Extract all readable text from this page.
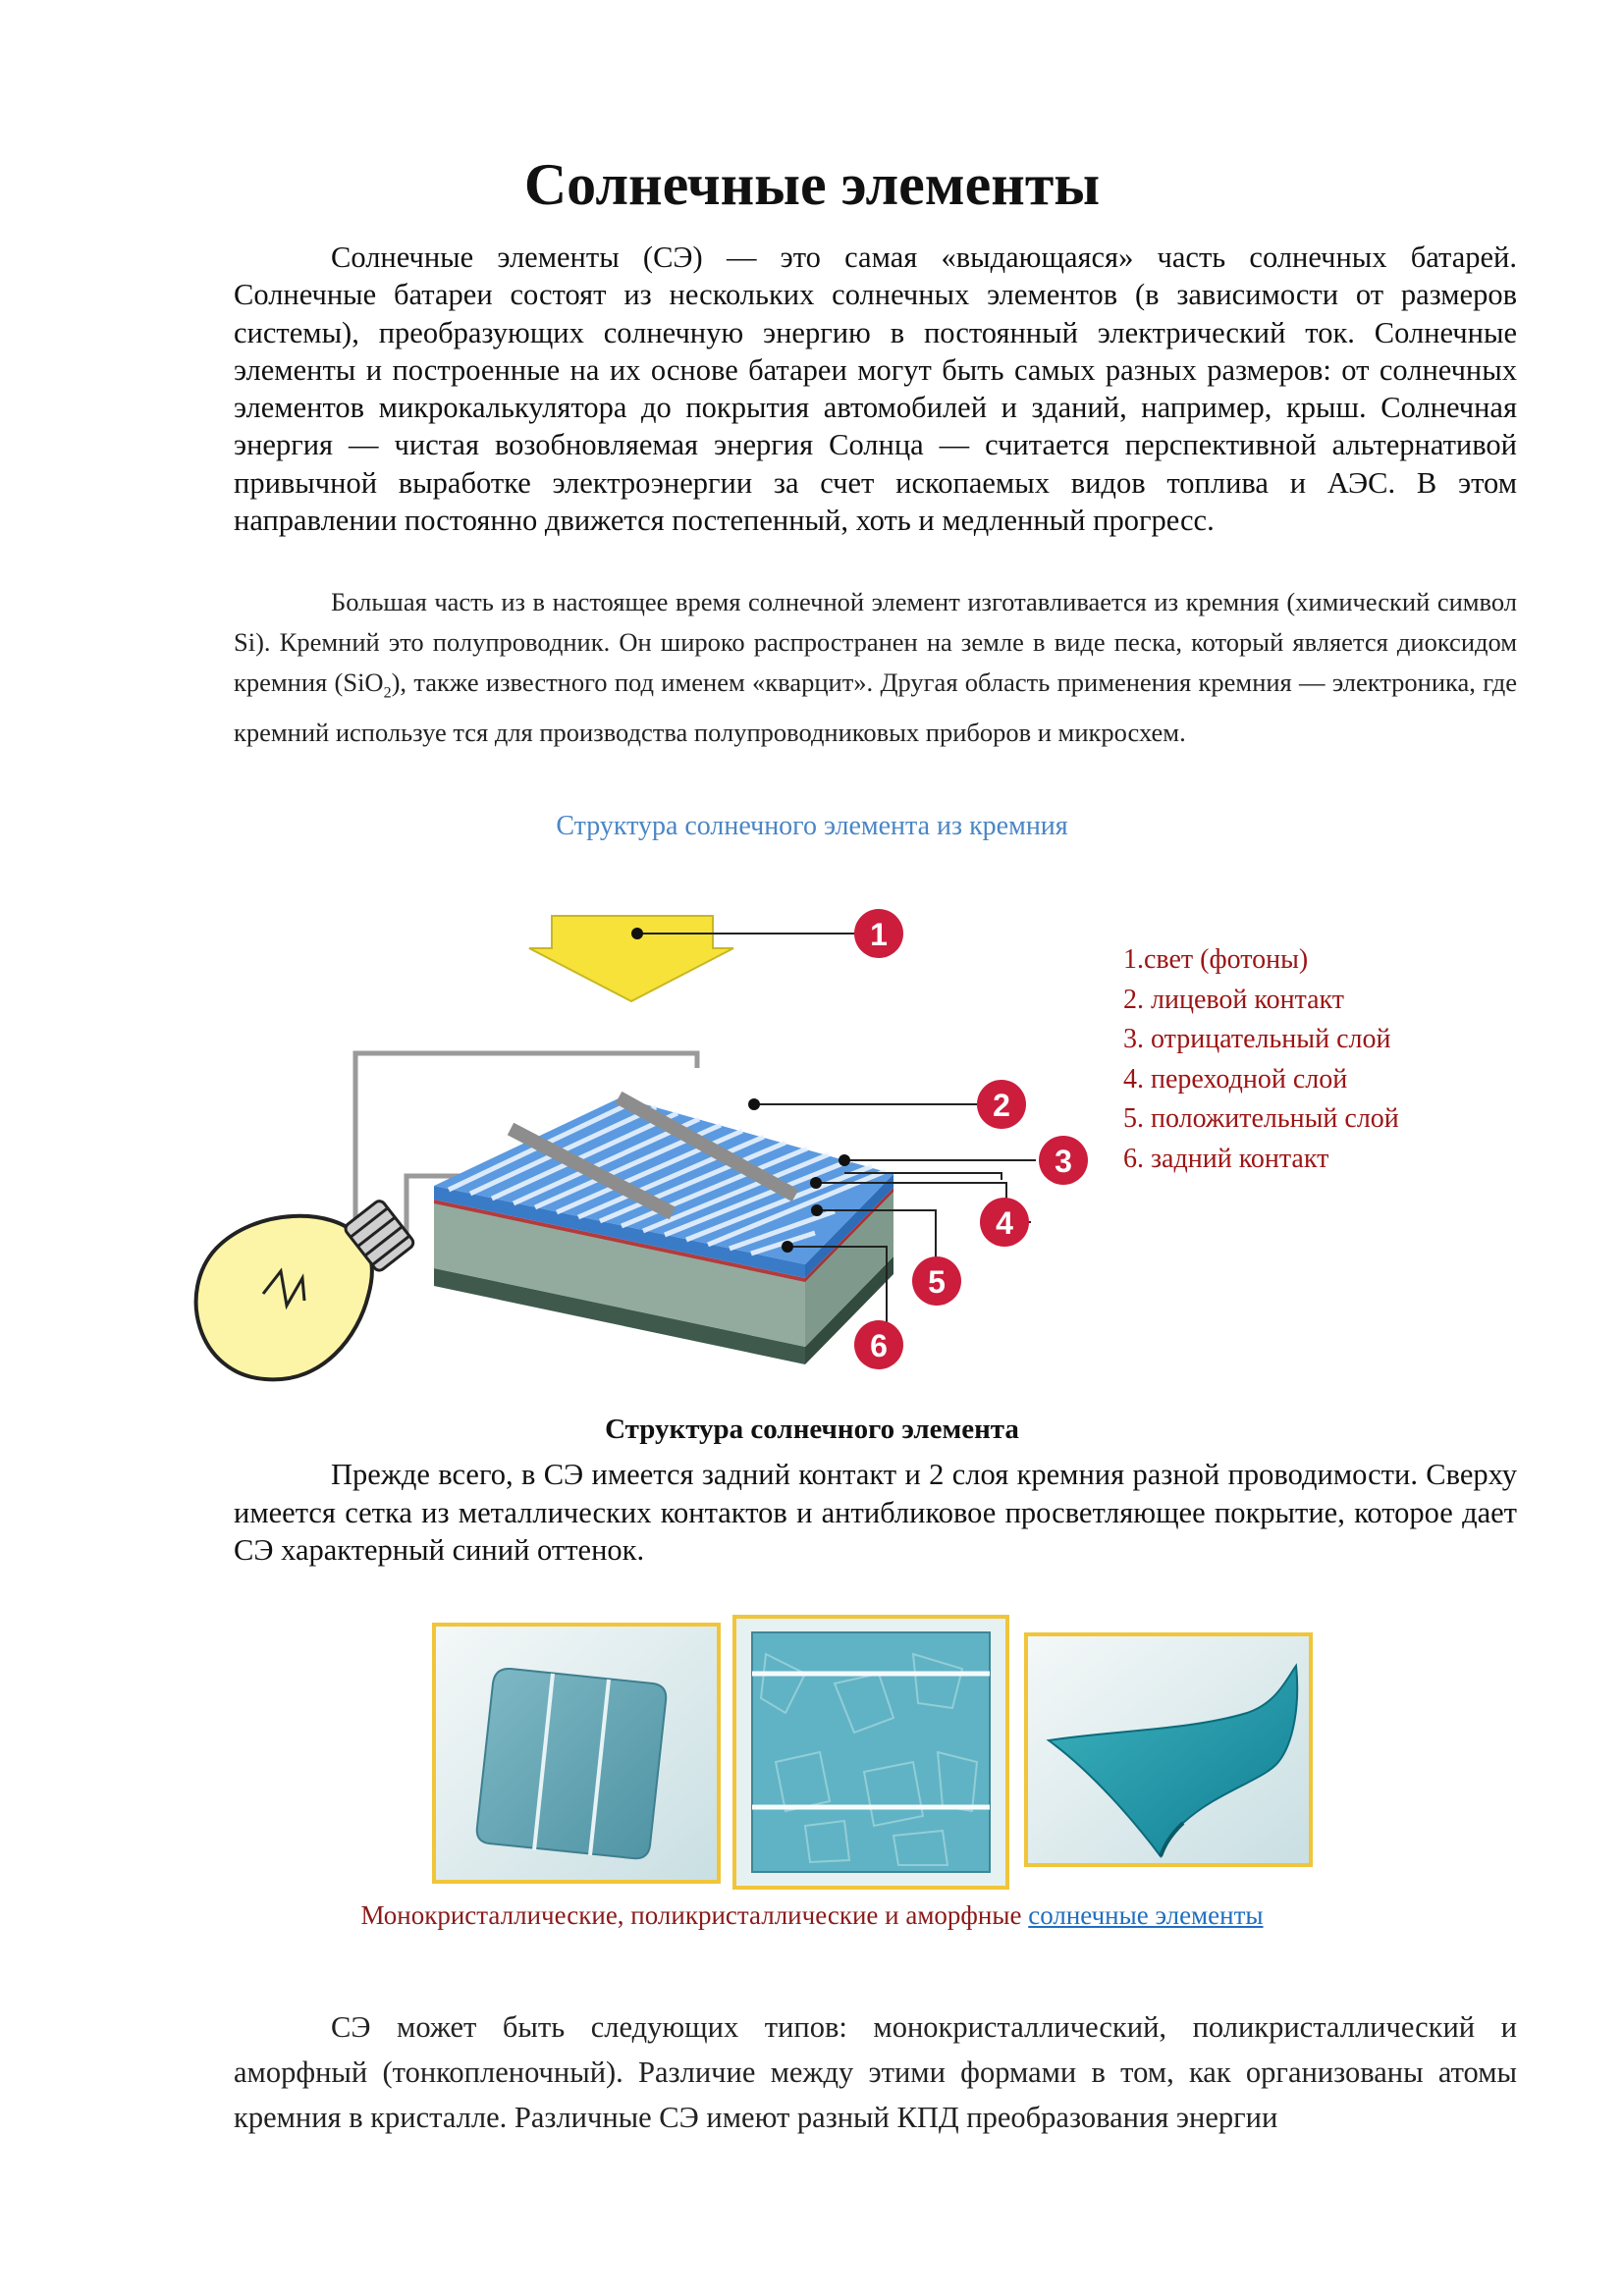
Солнечные элементы

Солнечные элементы (СЭ) — это самая «выдающаяся» часть солнечных батарей. Солнечные батареи состоят из нескольких солнечных элементов (в зависимости от размеров системы), преобразующих солнечную энергию в постоянный электрический ток. Солнечные элементы и построенные на их основе батареи могут быть самых разных размеров: от солнечных элементов микрокалькулятора до покрытия автомобилей и зданий, например, крыш. Солнечная энергия — чистая возобновляемая энергия Солнца — считается перспективной альтернативой привычной выработке электроэнергии за счет ископаемых видов топлива и АЭС. В этом направлении постоянно движется постепенный, хоть и медленный прогресс.

Большая часть из в настоящее время солнечной элемент изготавливается из кремния (химический символ Si). Кремний это полупроводник. Он широко распространен на земле в виде песка, который является диоксидом кремния (SiO$_2$), также известного под именем «кварцит». Другая область применения кремния — электроника, где кремний используе тся для производства полупроводниковых приборов и микросхем.

Структура солнечного элемента из кремния

1
2
3
4
5
6
1.свет (фотоны)
2. лицевой контакт
3. отрицательный слой
4. переходной слой
5. положительный слой
6. задний контакт

Структура солнечного элемента

Прежде всего, в СЭ имеется задний контакт и 2 слоя кремния разной проводимости. Сверху имеется сетка из металлических контактов и антибликовое просветляющее покрытие, которое дает СЭ характерный синий оттенок.

Монокристаллические, поликристаллические и аморфные солнечные элементы

СЭ может быть следующих типов: монокристаллический, поликристаллический и аморфный (тонкопленочный). Различие между этими формами в том, как организованы атомы кремния в кристалле. Различные СЭ имеют разный КПД преобразования энергии
